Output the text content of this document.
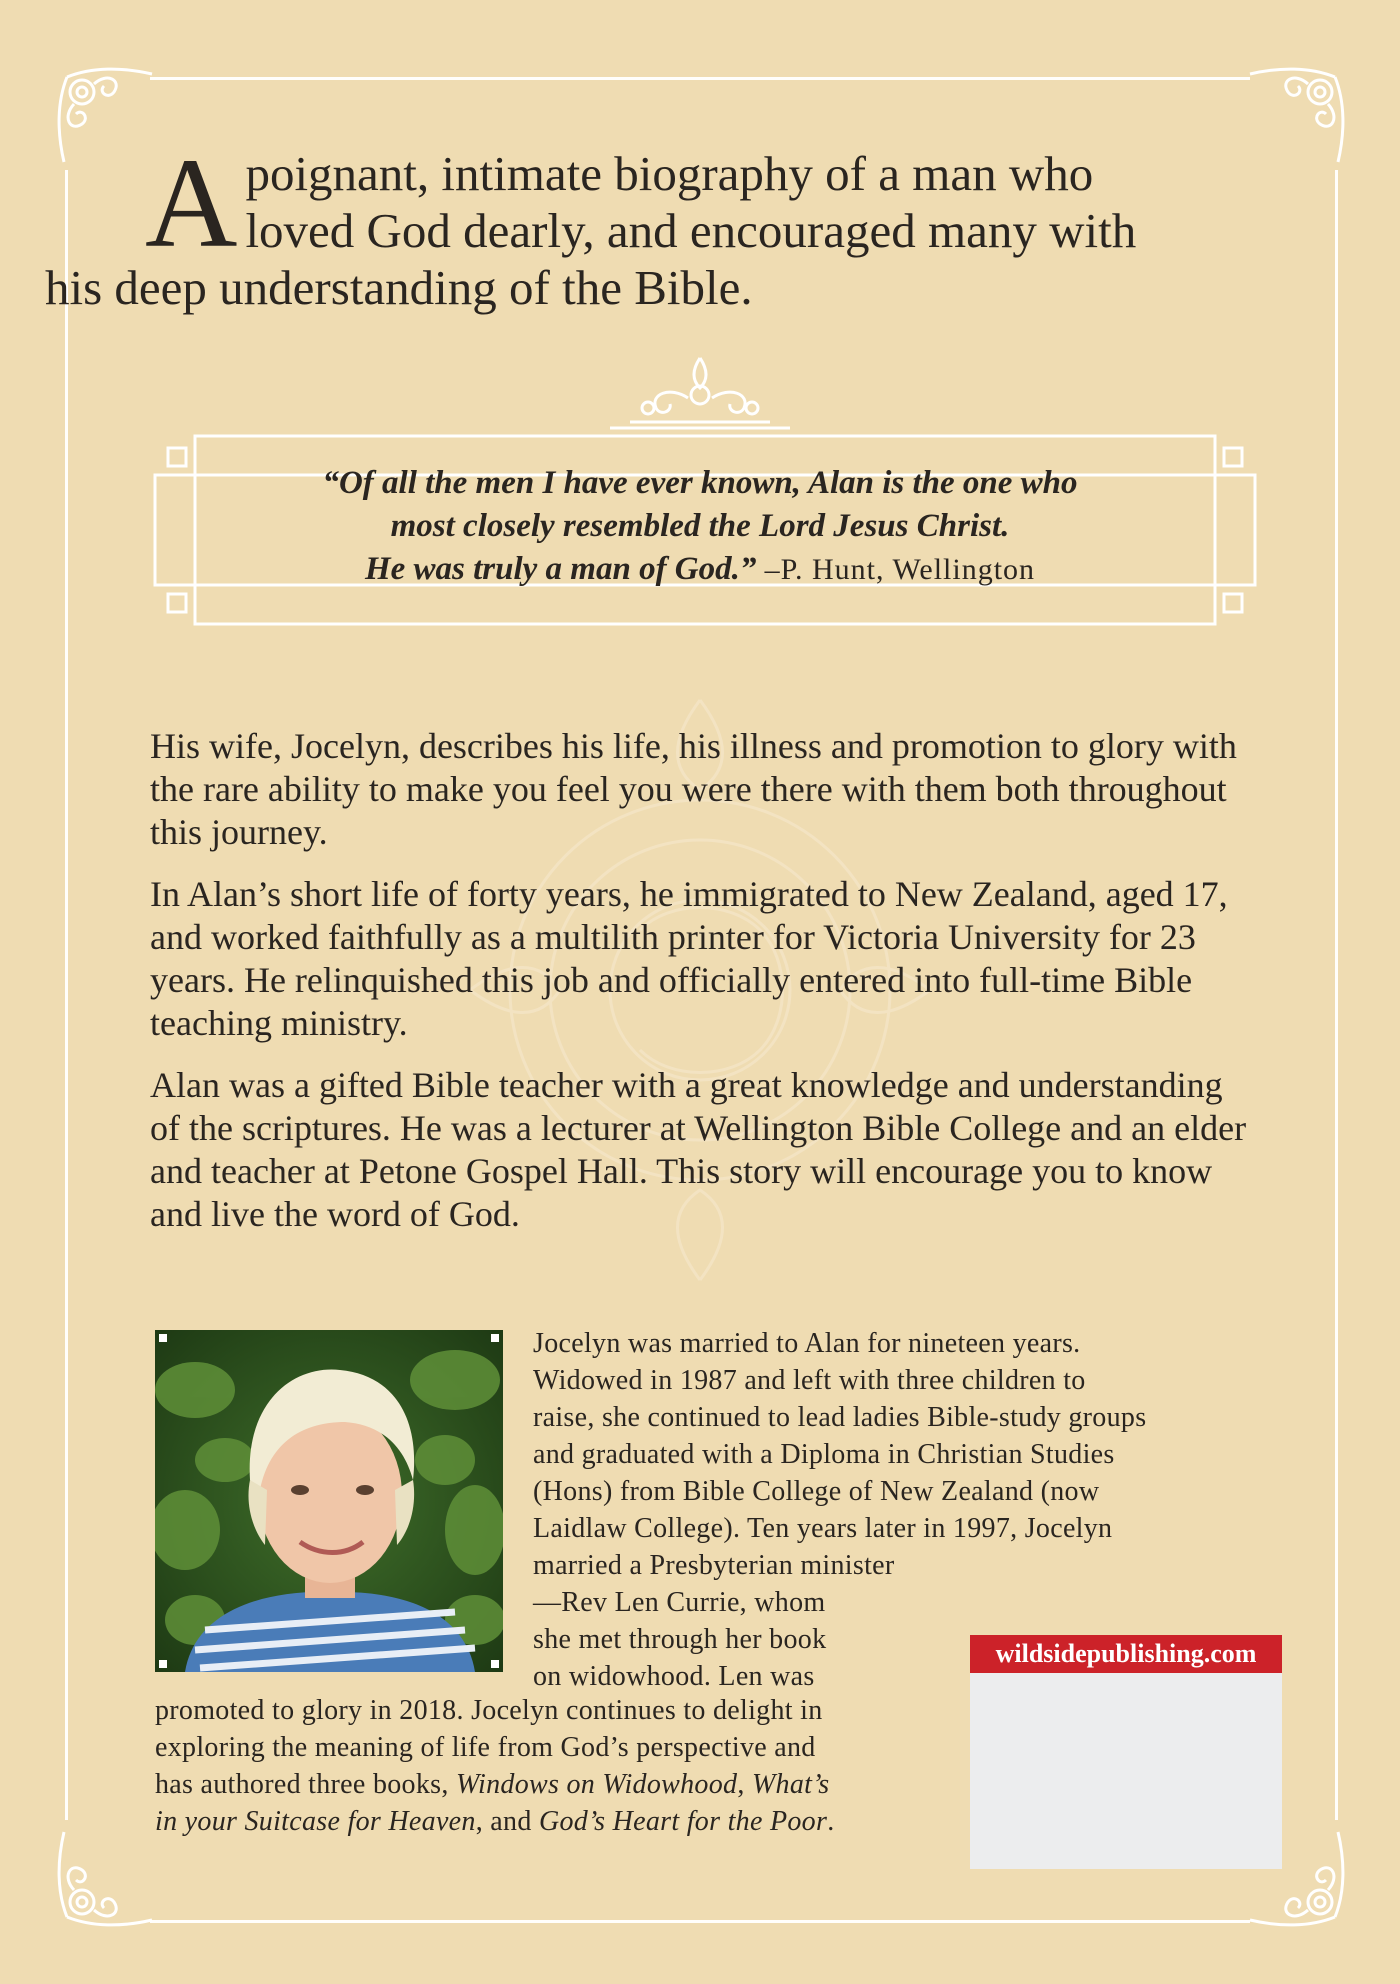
A poignant, intimate biography of a man who
loved God dearly, and encouraged many with
his deep understanding of the Bible.
“Of all the men I have ever known, Alan is the one who
most closely resembled the Lord Jesus Christ.
He was truly a man of God.” –P. Hunt, Wellington

His wife, Jocelyn, describes his life, his illness and promotion to glory with the rare ability to make you feel you were there with them both throughout this journey.

In Alan’s short life of forty years, he immigrated to New Zealand, aged 17, and worked faithfully as a multilith printer for Victoria University for 23 years. He relinquished this job and officially entered into full-time Bible teaching ministry.

Alan was a gifted Bible teacher with a great knowledge and understanding of the scriptures. He was a lecturer at Wellington Bible College and an elder and teacher at Petone Gospel Hall. This story will encourage you to know and live the word of God.

Jocelyn was married to Alan for nineteen years.
Widowed in 1987 and left with three children to
raise, she continued to lead ladies Bible-study groups
and graduated with a Diploma in Christian Studies
(Hons) from Bible College of New Zealand (now
Laidlaw College). Ten years later in 1997, Jocelyn
married a Presbyterian minister
—Rev Len Currie, whom
she met through her book
on widowhood. Len was
promoted to glory in 2018. Jocelyn continues to delight in
exploring the meaning of life from God’s perspective and
has authored three books, Windows on Widowhood, What’s
in your Suitcase for Heaven, and God’s Heart for the Poor.
wildsidepublishing.com
